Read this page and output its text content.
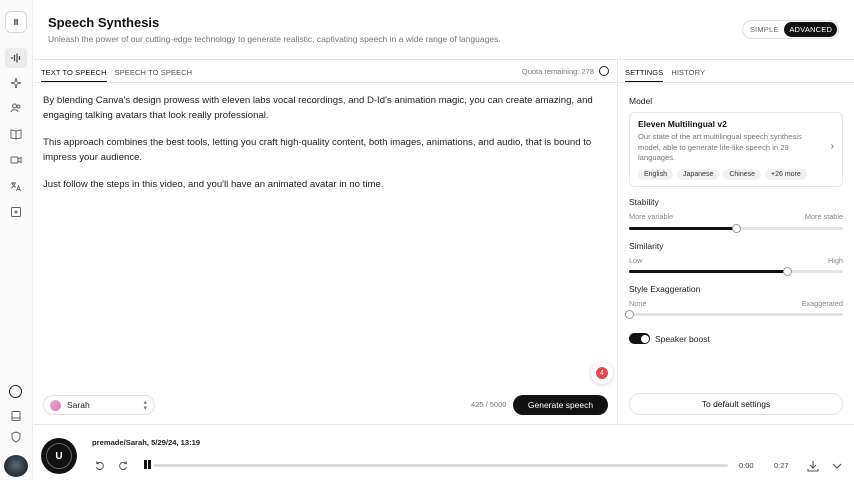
II	Speech Synthesis
Unleash the power of our cutting-edge technology to generate realistic, captivating speech in a wide range of languages.
SIMPLE	ADVANCED
TEXT TO SPEECH SPEECH TO SPEECH	Quota remaining: 278

By blending Canva's design prowess with eleven labs vocal recordings, and D-Id's animation magic, you can create amazing, and engaging talking avatars that look really professional.

This approach combines the best tools, letting you craft high-quality content, both images, animations, and audio, that is bound to impress your audience.

Just follow the steps in this video, and you'll have an animated avatar in no time.

4
Sarah	▴
▾	425 / 5000	Generate speech
SETTINGS HISTORY
Model
Eleven Multilingual v2
Our state of the art multilingual speech synthesis model, able to generate life-like speech in 29 languages.
English	Japanese	Chinese	+26 more
›
Stability
More variable	More stable
Similarity
Low	High
Style Exaggeration
None	Exaggerated
Speaker boost
To default settings
U
premade/Sarah, 5/29/24, 13:19
0:00	0:27
